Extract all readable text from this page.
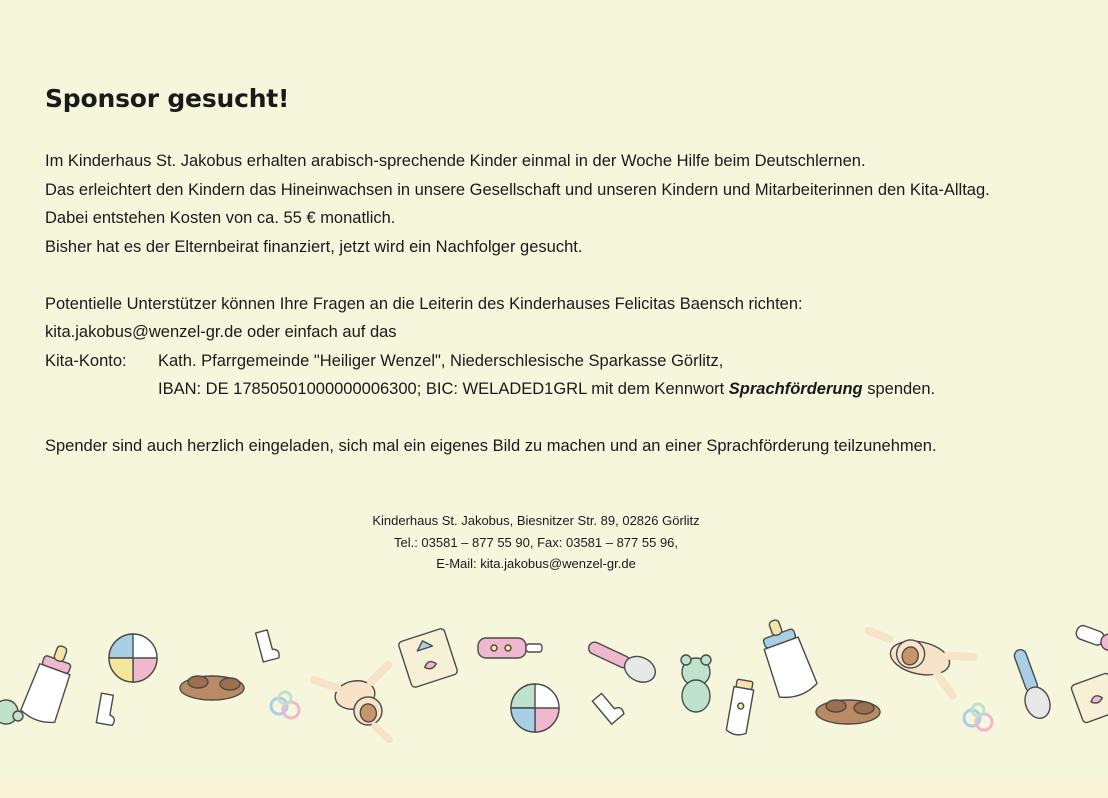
Sponsor gesucht!

Im Kinderhaus St. Jakobus erhalten arabisch-sprechende Kinder einmal in der Woche Hilfe beim Deutschlernen.

Das erleichtert den Kindern das Hineinwachsen in unsere Gesellschaft und unseren Kindern und Mitarbeiterinnen den Kita-Alltag.

Dabei entstehen Kosten von ca. 55 € monatlich.

Bisher hat es der Elternbeirat finanziert, jetzt wird ein Nachfolger gesucht.

Potentielle Unterstützer können Ihre Fragen an die Leiterin des Kinderhauses Felicitas Baensch richten:

kita.jakobus@wenzel-gr.de oder einfach auf das

Kita-Konto:	Kath. Pfarrgemeinde "Heiliger Wenzel", Niederschlesische Sparkasse Görlitz,

IBAN: DE 17850501000000006300; BIC: WELADED1GRL mit dem Kennwort Sprachförderung spenden.

Spender sind auch herzlich eingeladen, sich mal ein eigenes Bild zu machen und an einer Sprachförderung teilzunehmen.

Kinderhaus St. Jakobus, Biesnitzer Str. 89, 02826 Görlitz
Tel.: 03581 – 877 55 90, Fax: 03581 – 877 55 96,
E-Mail: kita.jakobus@wenzel-gr.de
